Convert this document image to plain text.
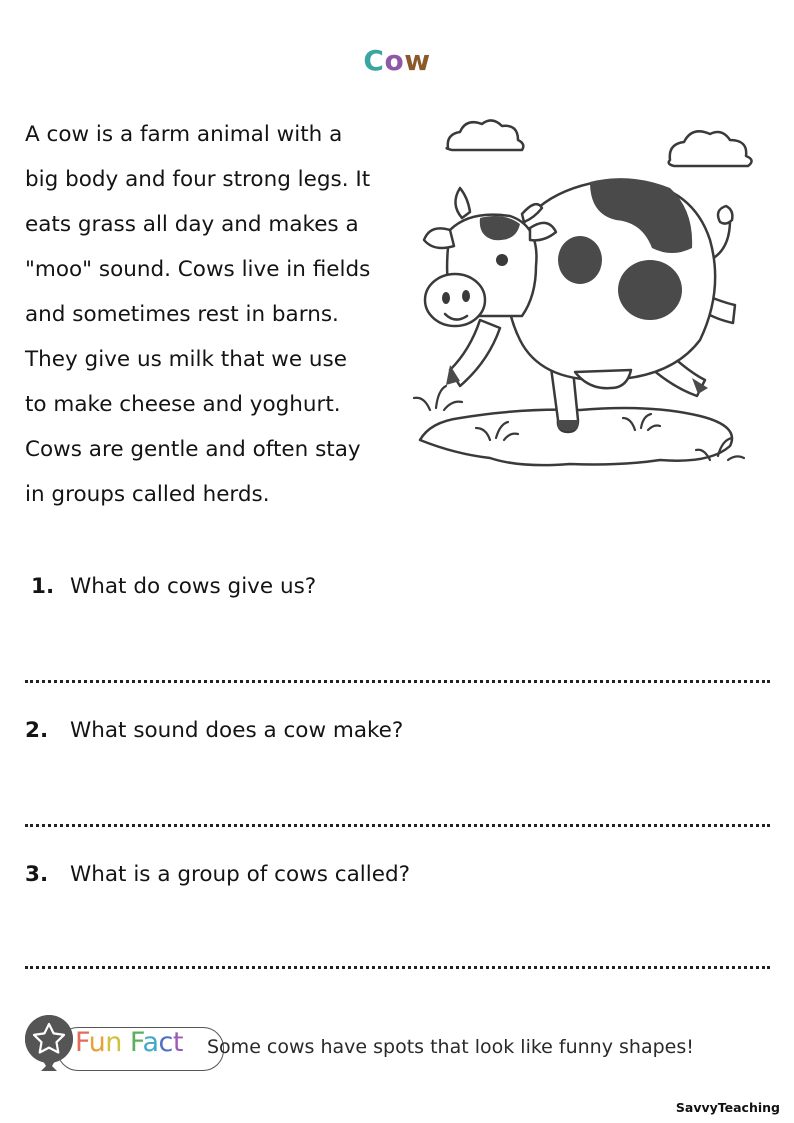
Cow
A cow is a farm animal with a
big body and four strong legs. It
eats grass all day and makes a
"moo" sound. Cows live in fields
and sometimes rest in barns.
They give us milk that we use
to make cheese and yoghurt.
Cows are gentle and often stay
in groups called herds.
1. What do cows give us?
2.	What sound does a cow make?
3.	What is a group of cows called?
Fun Fact Some cows have spots that look like funny shapes!
SavvyTeaching
